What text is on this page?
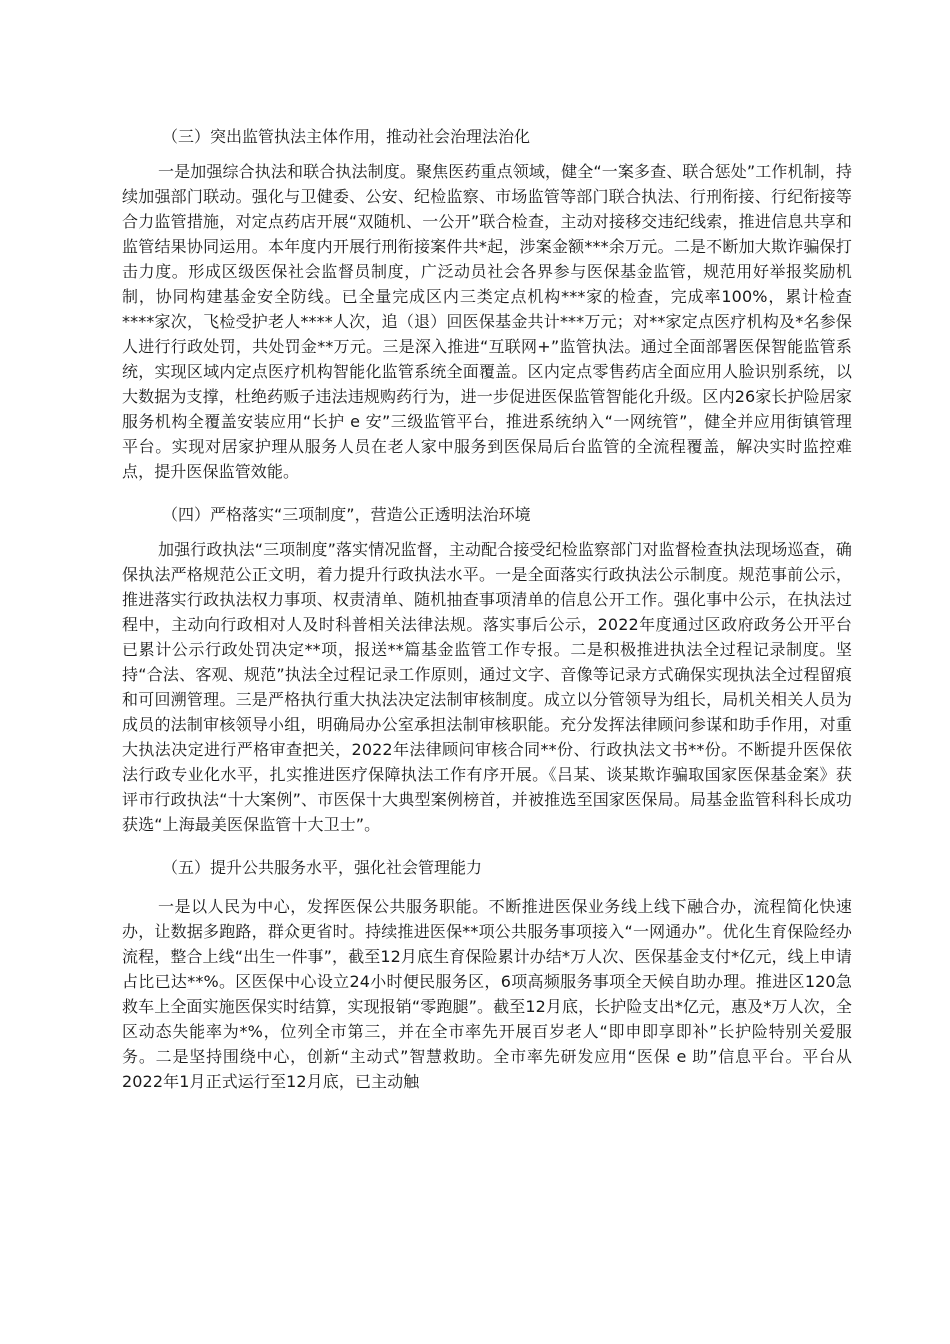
（三）突出监管执法主体作用，推动社会治理法治化

一是加强综合执法和联合执法制度。聚焦医药重点领域，健全“一案多查、联合惩处”工作机制，持续加强部门联动。强化与卫健委、公安、纪检监察、市场监管等部门联合执法、行刑衔接、行纪衔接等合力监管措施，对定点药店开展“双随机、一公开”联合检查，主动对接移交违纪线索，推进信息共享和监管结果协同运用。本年度内开展行刑衔接案件共*起，涉案金额***余万元。二是不断加大欺诈骗保打击力度。形成区级医保社会监督员制度，广泛动员社会各界参与医保基金监管，规范用好举报奖励机制，协同构建基金安全防线。已全量完成区内三类定点机构***家的检查，完成率100%，累计检查****家次，飞检受护老人****人次，追（退）回医保基金共计***万元；对**家定点医疗机构及*名参保人进行行政处罚，共处罚金**万元。三是深入推进“互联网+”监管执法。通过全面部署医保智能监管系统，实现区域内定点医疗机构智能化监管系统全面覆盖。区内定点零售药店全面应用人脸识别系统，以大数据为支撑，杜绝药贩子违法违规购药行为，进一步促进医保监管智能化升级。区内26家长护险居家服务机构全覆盖安装应用“长护 e 安”三级监管平台，推进系统纳入“一网统管”，健全并应用街镇管理平台。实现对居家护理从服务人员在老人家中服务到医保局后台监管的全流程覆盖，解决实时监控难点，提升医保监管效能。

（四）严格落实“三项制度”，营造公正透明法治环境

加强行政执法“三项制度”落实情况监督，主动配合接受纪检监察部门对监督检查执法现场巡查，确保执法严格规范公正文明，着力提升行政执法水平。一是全面落实行政执法公示制度。规范事前公示，推进落实行政执法权力事项、权责清单、随机抽查事项清单的信息公开工作。强化事中公示，在执法过程中，主动向行政相对人及时科普相关法律法规。落实事后公示，2022年度通过区政府政务公开平台已累计公示行政处罚决定**项，报送**篇基金监管工作专报。二是积极推进执法全过程记录制度。坚持“合法、客观、规范”执法全过程记录工作原则，通过文字、音像等记录方式确保实现执法全过程留痕和可回溯管理。三是严格执行重大执法决定法制审核制度。成立以分管领导为组长，局机关相关人员为成员的法制审核领导小组，明确局办公室承担法制审核职能。充分发挥法律顾问参谋和助手作用，对重大执法决定进行严格审查把关，2022年法律顾问审核合同**份、行政执法文书**份。不断提升医保依法行政专业化水平，扎实推进医疗保障执法工作有序开展。《吕某、谈某欺诈骗取国家医保基金案》获评市行政执法“十大案例”、市医保十大典型案例榜首，并被推选至国家医保局。局基金监管科科长成功获选“上海最美医保监管十大卫士”。

（五）提升公共服务水平，强化社会管理能力

一是以人民为中心，发挥医保公共服务职能。不断推进医保业务线上线下融合办，流程简化快速办，让数据多跑路，群众更省时。持续推进医保**项公共服务事项接入“一网通办”。优化生育保险经办流程，整合上线“出生一件事”，截至12月底生育保险累计办结*万人次、医保基金支付*亿元，线上申请占比已达**%。区医保中心设立24小时便民服务区，6项高频服务事项全天候自助办理。推进区120急救车上全面实施医保实时结算，实现报销“零跑腿”。截至12月底，长护险支出*亿元，惠及*万人次，全区动态失能率为*%，位列全市第三，并在全市率先开展百岁老人“即申即享即补”长护险特别关爱服务。二是坚持围绕中心，创新“主动式”智慧救助。全市率先研发应用“医保 e 助”信息平台。平台从2022年1月正式运行至12月底，已主动触
